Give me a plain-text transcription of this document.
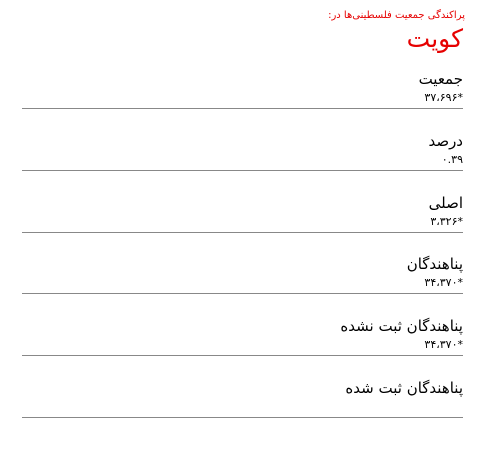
پراکندگی جمعیت فلسطینی‌ها در:
کویت
جمعیت
۳۷،۶۹۶*
درصد
۰.۳۹
اصلی
۳،۳۲۶*
پناهندگان
۳۴،۳۷۰*
پناهندگان ثبت نشده
۳۴،۳۷۰*
پناهندگان ثبت شده
